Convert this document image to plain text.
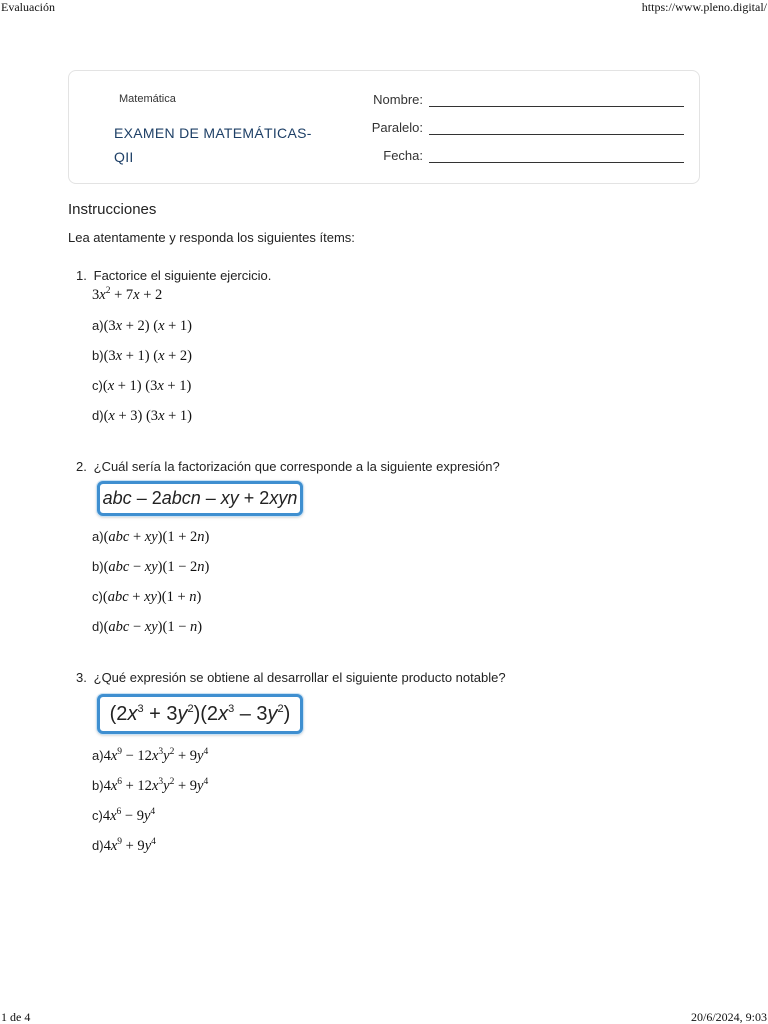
Evaluación	https://www.pleno.digital/
Matemática
EXAMEN DE MATEMÁTICAS-QII
Nombre:
Paralelo:
Fecha:
Instrucciones
Lea atentamente y responda los siguientes ítems:
1. Factorice el siguiente ejercicio.
$3x^2 + 7x + 2$
a)(3x + 2) (x + 1)
b)(3x + 1) (x + 2)
c)(x + 1) (3x + 1)
d)(x + 3) (3x + 1)
2. ¿Cuál sería la factorización que corresponde a la siguiente expresión?
abc – 2abcn – xy + 2xyn
a)(abc + xy)(1 + 2n)
b)(abc − xy)(1 − 2n)
c)(abc + xy)(1 + n)
d)(abc − xy)(1 − n)
3. ¿Qué expresión se obtiene al desarrollar el siguiente producto notable?
$(2x^3 + 3y^2)(2x^3 - 3y^2)$
$a)4x^9 - 12x^3y^2 + 9y^4$
$b)4x^6 + 12x^3y^2 + 9y^4$
$c)4x^6 - 9y^4$
$d)4x^9 + 9y^4$
1 de 4	20/6/2024, 9:03
